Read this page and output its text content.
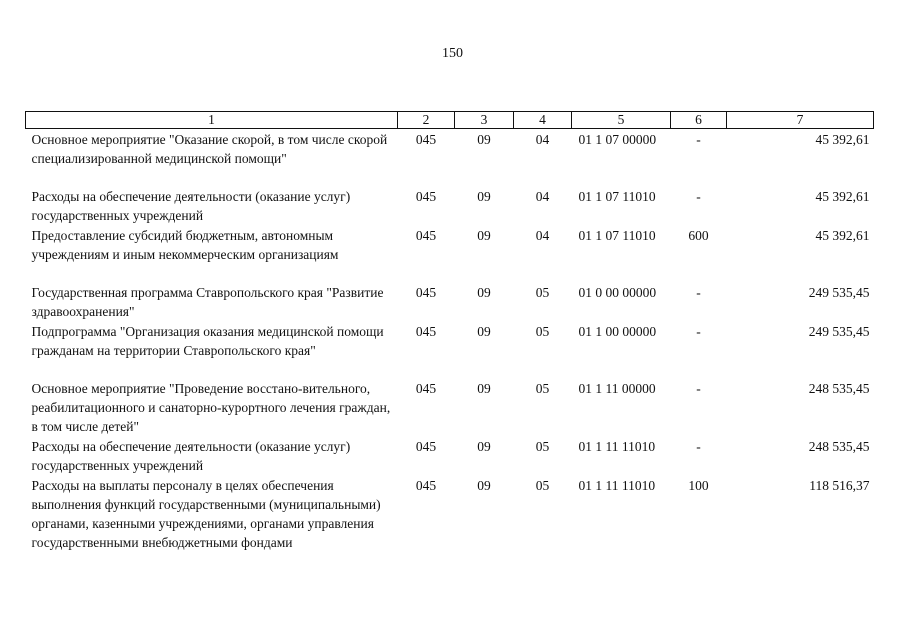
150
1	2	3	4	5	6	7
Основное мероприятие "Оказание скорой, в том числе скорой специализированной медицинской помощи"	045	09	04	01 1 07 00000	-	45 392,61
Расходы на обеспечение деятельности (оказание услуг) государственных учреждений	045	09	04	01 1 07 11010	-	45 392,61
Предоставление субсидий бюджетным, автономным учреждениям и иным некоммерческим организациям	045	09	04	01 1 07 11010	600	45 392,61
Государственная программа Ставропольского края "Развитие здравоохранения"	045	09	05	01 0 00 00000	-	249 535,45
Подпрограмма "Организация оказания медицинской помощи гражданам на территории Ставропольского края"	045	09	05	01 1 00 00000	-	249 535,45
Основное мероприятие "Проведение восстано-вительного, реабилитационного и санаторно-курортного лечения граждан, в том числе детей"	045	09	05	01 1 11 00000	-	248 535,45
Расходы на обеспечение деятельности (оказание услуг) государственных учреждений	045	09	05	01 1 11 11010	-	248 535,45
Расходы на выплаты персоналу в целях обеспечения выполнения функций государственными (муниципальными) органами, казенными учреждениями, органами управления государственными внебюджетными фондами	045	09	05	01 1 11 11010	100	118 516,37
